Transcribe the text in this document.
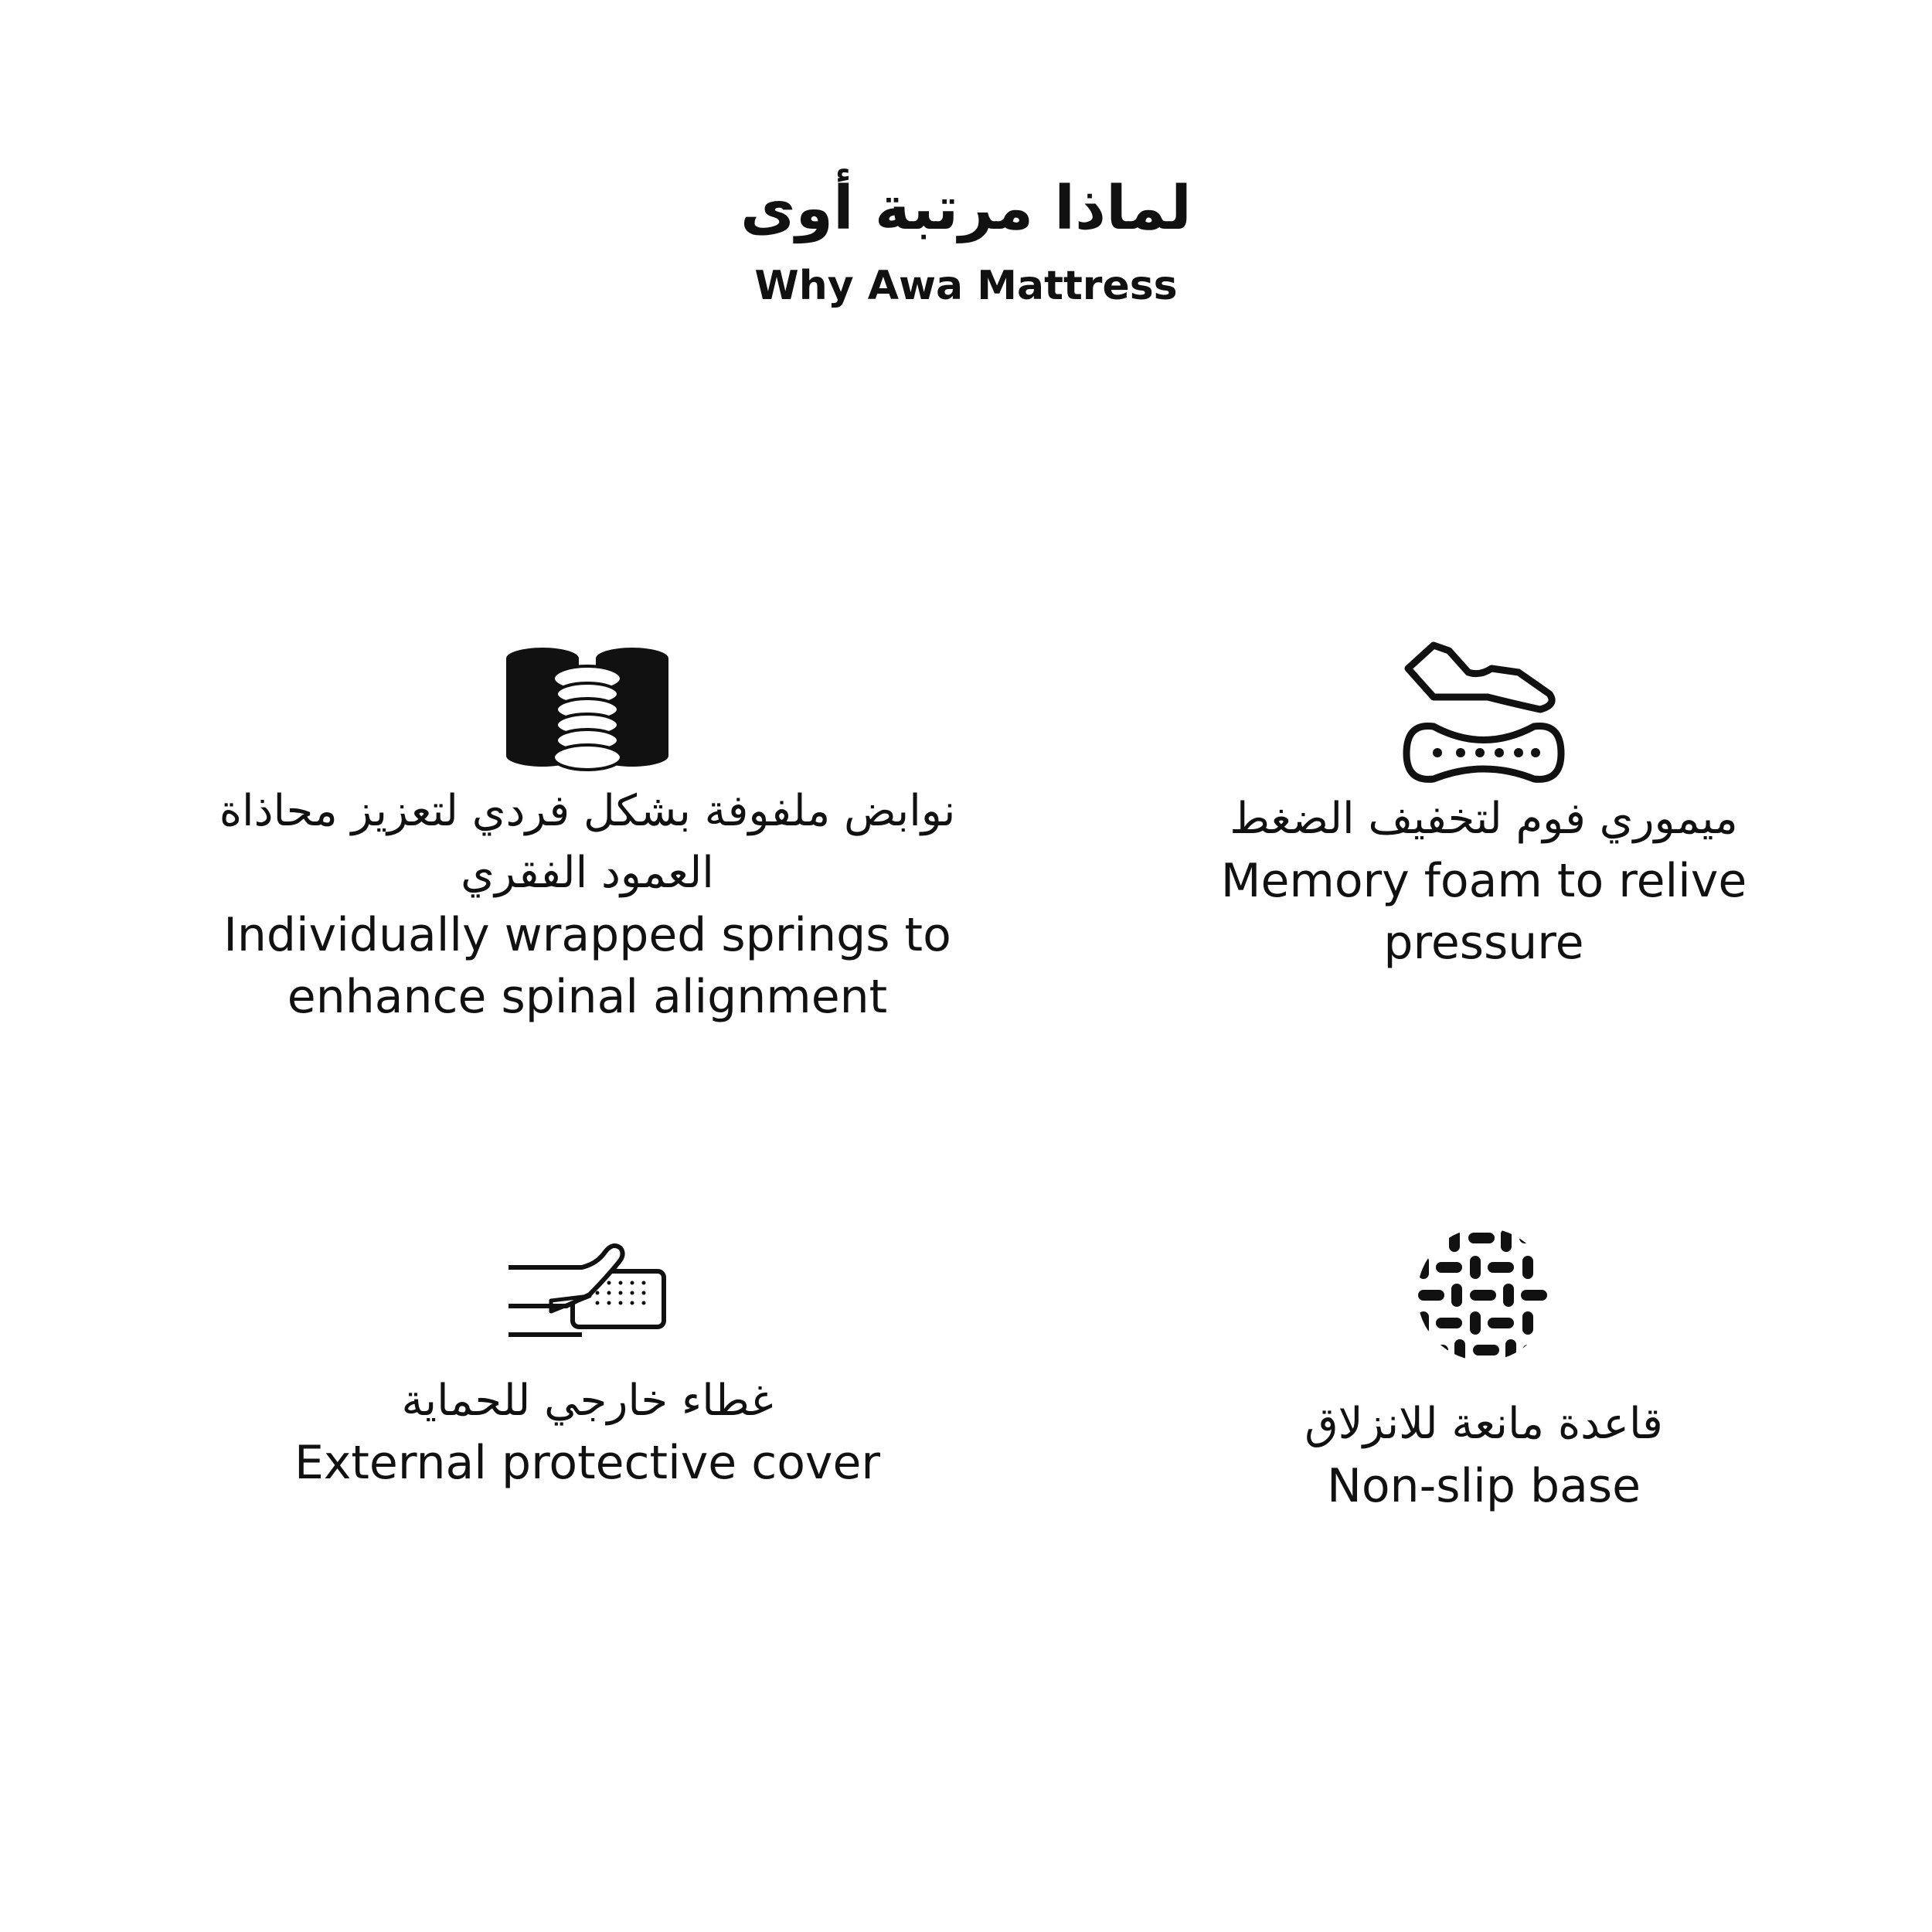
لماذا مرتبة أوى
Why Awa Mattress
نوابض ملفوفة بشكل فردي لتعزيز محاذاة العمود الفقري
Individually wrapped springs to enhance spinal alignment
ميموري فوم لتخفيف الضغط
Memory foam to relive pressure
غطاء خارجي للحماية
External protective cover
قاعدة مانعة للانزلاق
Non-slip base
